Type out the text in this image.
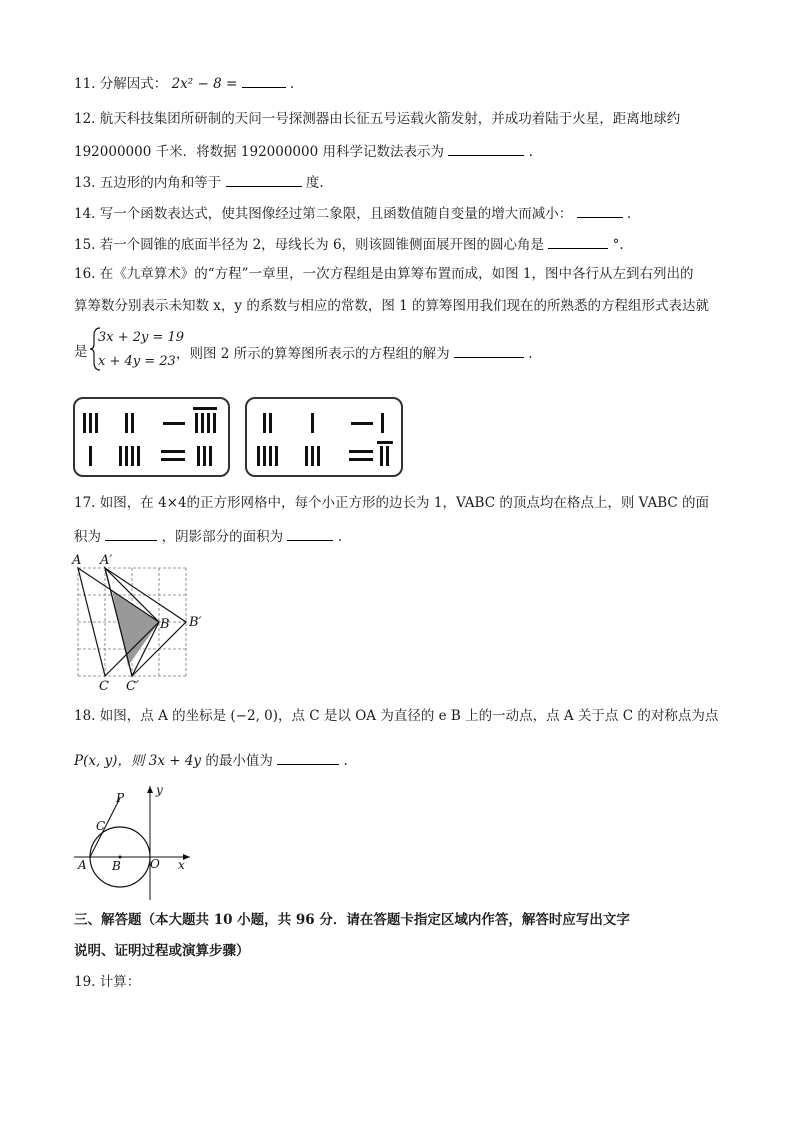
11. 分解因式： 2x² − 8 =	.
12. 航天科技集团所研制的天问一号探测器由长征五号运载火箭发射，并成功着陆于火星，距离地球约
192000000 千米．将数据 192000000 用科学记数法表示为	.
13. 五边形的内角和等于	度.
14. 写一个函数表达式，使其图像经过第二象限，且函数值随自变量的增大而减小：	.
15. 若一个圆锥的底面半径为 2，母线长为 6，则该圆锥侧面展开图的圆心角是	°.
16. 在《九章算术》的“方程”一章里，一次方程组是由算筹布置而成，如图 1，图中各行从左到右列出的
算筹数分别表示未知数 x，y 的系数与相应的常数，图 1 的算筹图用我们现在的所熟悉的方程组形式表达就
是
3x + 2y = 19
x + 4y = 23 ，则图 2 所示的算筹图所表示的方程组的解为	.
17. 如图，在 4×4的正方形网格中，每个小正方形的边长为 1，VABC 的顶点均在格点上，则 VABC 的面
积为	，阴影部分的面积为	.
A A′
B B′
C C′
18. 如图，点 A 的坐标是 (−2, 0)，点 C 是以 OA 为直径的 e B 上的一动点，点 A 关于点 C 的对称点为点
P(x, y)，则 3x + 4y 的最小值为	.
P
C
A B O x
y
三、解答题（本大题共 10 小题，共 96 分．请在答题卡指定区域内作答，解答时应写出文字
说明、证明过程或演算步骤）
19. 计算：
